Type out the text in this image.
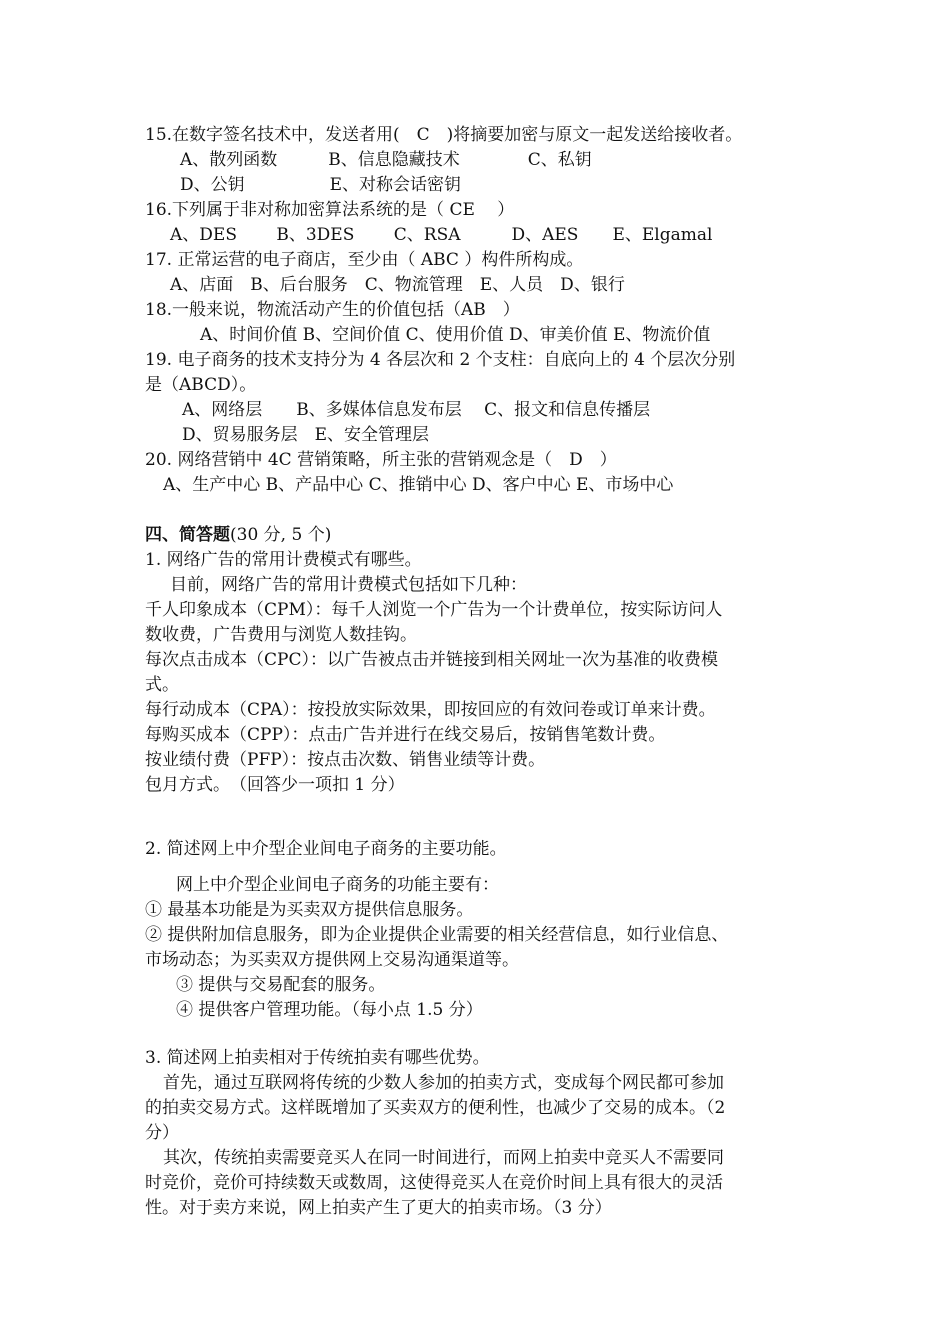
15.在数字签名技术中，发送者用(　C　)将摘要加密与原文一起发送给接收者。
A、散列函数　　　B、信息隐藏技术　　　　C、私钥
D、公钥　　　　　E、对称会话密钥
16.下列属于非对称加密算法系统的是（ CE　 ）
A、DES　　 B、3DES　　 C、RSA　　　D、AES　　E、Elgamal
17. 正常运营的电子商店，至少由（ ABC ）构件所构成。
A、店面　B、后台服务　C、物流管理　E、人员　D、银行
18.一般来说，物流活动产生的价值包括（AB　）
A、时间价值 B、空间价值 C、使用价值 D、审美价值 E、物流价值
19. 电子商务的技术支持分为 4 各层次和 2 个支柱：自底向上的 4 个层次分别
是（ABCD）。
A、网络层　　B、多媒体信息发布层　 C、报文和信息传播层
D、贸易服务层　E、安全管理层
20. 网络营销中 4C 营销策略，所主张的营销观念是（　D　）
A、生产中心 B、产品中心 C、推销中心 D、客户中心 E、市场中心
四、简答题(30 分, 5 个)
1. 网络广告的常用计费模式有哪些。
目前，网络广告的常用计费模式包括如下几种：
千人印象成本（CPM）：每千人浏览一个广告为一个计费单位，按实际访问人
数收费，广告费用与浏览人数挂钩。
每次点击成本（CPC）：以广告被点击并链接到相关网址一次为基准的收费模
式。
每行动成本（CPA）：按投放实际效果，即按回应的有效问卷或订单来计费。
每购买成本（CPP）：点击广告并进行在线交易后，按销售笔数计费。
按业绩付费（PFP）：按点击次数、销售业绩等计费。
包月方式。　（回答少一项扣 1 分）
2. 简述网上中介型企业间电子商务的主要功能。
网上中介型企业间电子商务的功能主要有：
① 最基本功能是为买卖双方提供信息服务。
② 提供附加信息服务，即为企业提供企业需要的相关经营信息，如行业信息、
市场动态；为买卖双方提供网上交易沟通渠道等。
③ 提供与交易配套的服务。
④ 提供客户管理功能。（每小点 1.5 分）
3. 简述网上拍卖相对于传统拍卖有哪些优势。
首先，通过互联网将传统的少数人参加的拍卖方式，变成每个网民都可参加
的拍卖交易方式。这样既增加了买卖双方的便利性，也减少了交易的成本。（2
分）
其次，传统拍卖需要竞买人在同一时间进行，而网上拍卖中竞买人不需要同
时竞价，竞价可持续数天或数周，这使得竞买人在竞价时间上具有很大的灵活
性。对于卖方来说，网上拍卖产生了更大的拍卖市场。（3 分）
